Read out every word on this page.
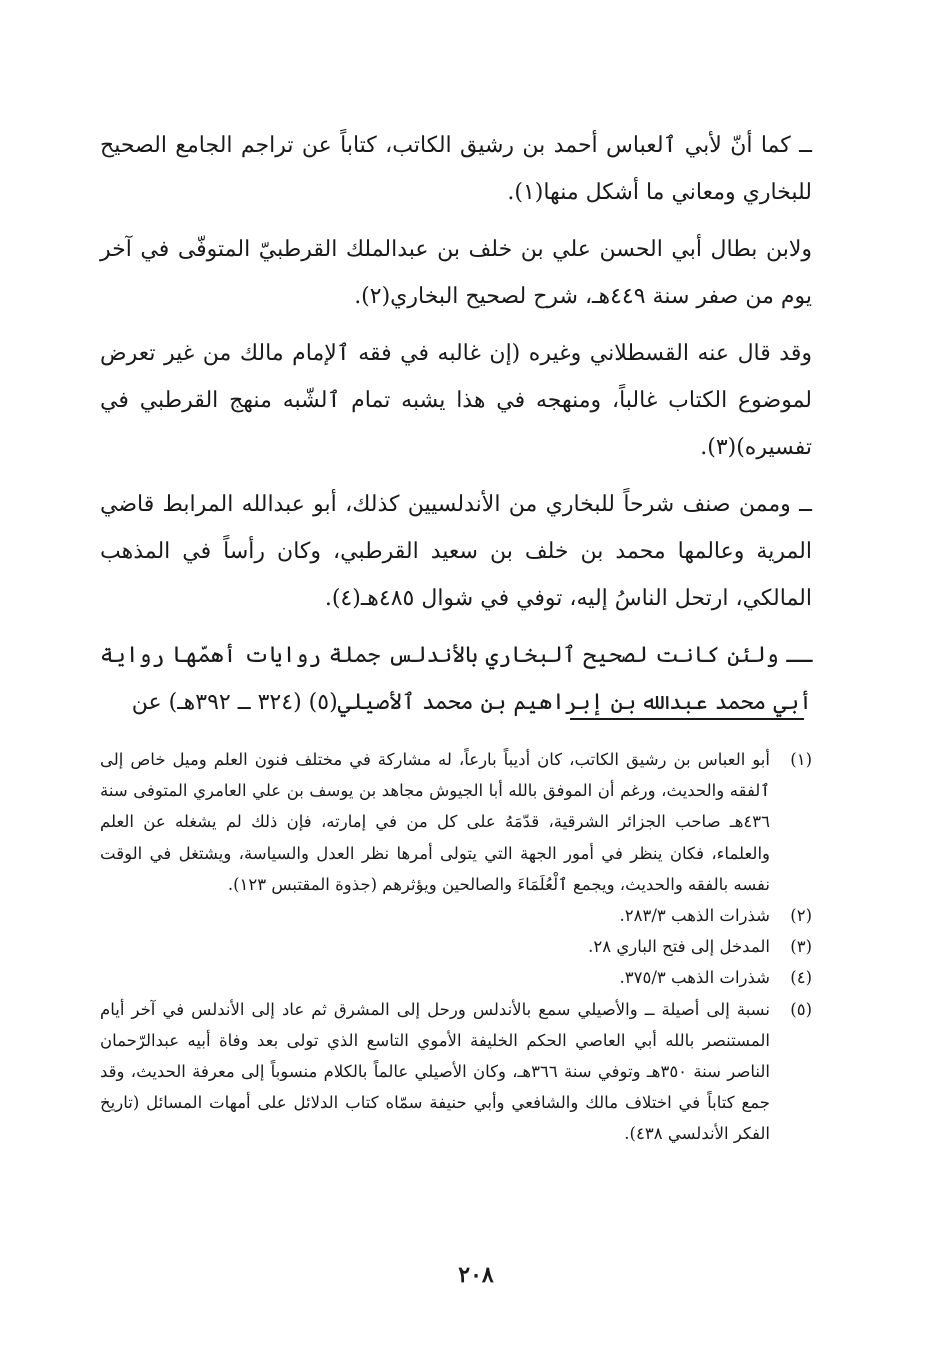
ــ كما أنّ لأبي ٱلعباس أحمد بن رشيق الكاتب، كتاباً عن تراجم الجامع الصحيح للبخاري ومعاني ما أشكل منها(١).

ولابن بطال أبي الحسن علي بن خلف بن عبدالملك القرطبيّ المتوفّى في آخر يوم من صفر سنة ٤٤٩هـ، شرح لصحيح البخاري(٢).

وقد قال عنه القسطلاني وغيره (إن غالبه في فقه ٱلإمام مالك من غير تعرض لموضوع الكتاب غالباً، ومنهجه في هذا يشبه تمام ٱلشّبه منهج القرطبي في تفسيره)(٣).

ــ وممن صنف شرحاً للبخاري من الأندلسيين كذلك، أبو عبدالله المرابط قاضي المرية وعالمها محمد بن خلف بن سعيد القرطبي، وكان رأساً في المذهب المالكي، ارتحل الناسُ إليه، توفي في شوال ٤٨٥هـ(٤).

ــ ولئن كانت لصحيح ٱلبخاري بالأندلس جملة روايات أهمّها رواية أبي محمد عبدالله بن إبراهيم بن محمد ٱلأصيلي(٥) (٣٢٤ ــ ٣٩٢هـ) عن

(١)
أبو العباس بن رشيق الكاتب، كان أديباً بارعاً، له مشاركة في مختلف فنون العلم وميل خاص إلى ٱلفقه والحديث، ورغم أن الموفق بالله أبا الجيوش مجاهد بن يوسف بن علي العامري المتوفى سنة ٤٣٦هـ صاحب الجزائر الشرقية، قدّمَهُ على كل من في إمارته، فإن ذلك لم يشغله عن العلم والعلماء، فكان ينظر في أمور الجهة التي يتولى أمرها نظر العدل والسياسة، ويشتغل في الوقت نفسه بالفقه والحديث، ويجمع ٱلْعُلَمَاءَ والصالحين ويؤثرهم (جذوة المقتبس ١٢٣).
(٢)
شذرات الذهب ٢٨٣/٣.
(٣)
المدخل إلى فتح الباري ٢٨.
(٤)
شذرات الذهب ٣٧٥/٣.
(٥)
نسبة إلى أصيلة ــ والأصيلي سمع بالأندلس ورحل إلى المشرق ثم عاد إلى الأندلس في آخر أيام المستنصر بالله أبي العاصي الحكم الخليفة الأموي التاسع الذي تولى بعد وفاة أبيه عبدالرّحمان الناصر سنة ٣٥٠هـ وتوفي سنة ٣٦٦هـ، وكان الأصيلي عالماً بالكلام منسوباً إلى معرفة الحديث، وقد جمع كتاباً في اختلاف مالك والشافعي وأبي حنيفة سمّاه كتاب الدلائل على أمهات المسائل (تاريخ الفكر الأندلسي ٤٣٨).
٢٠٨
